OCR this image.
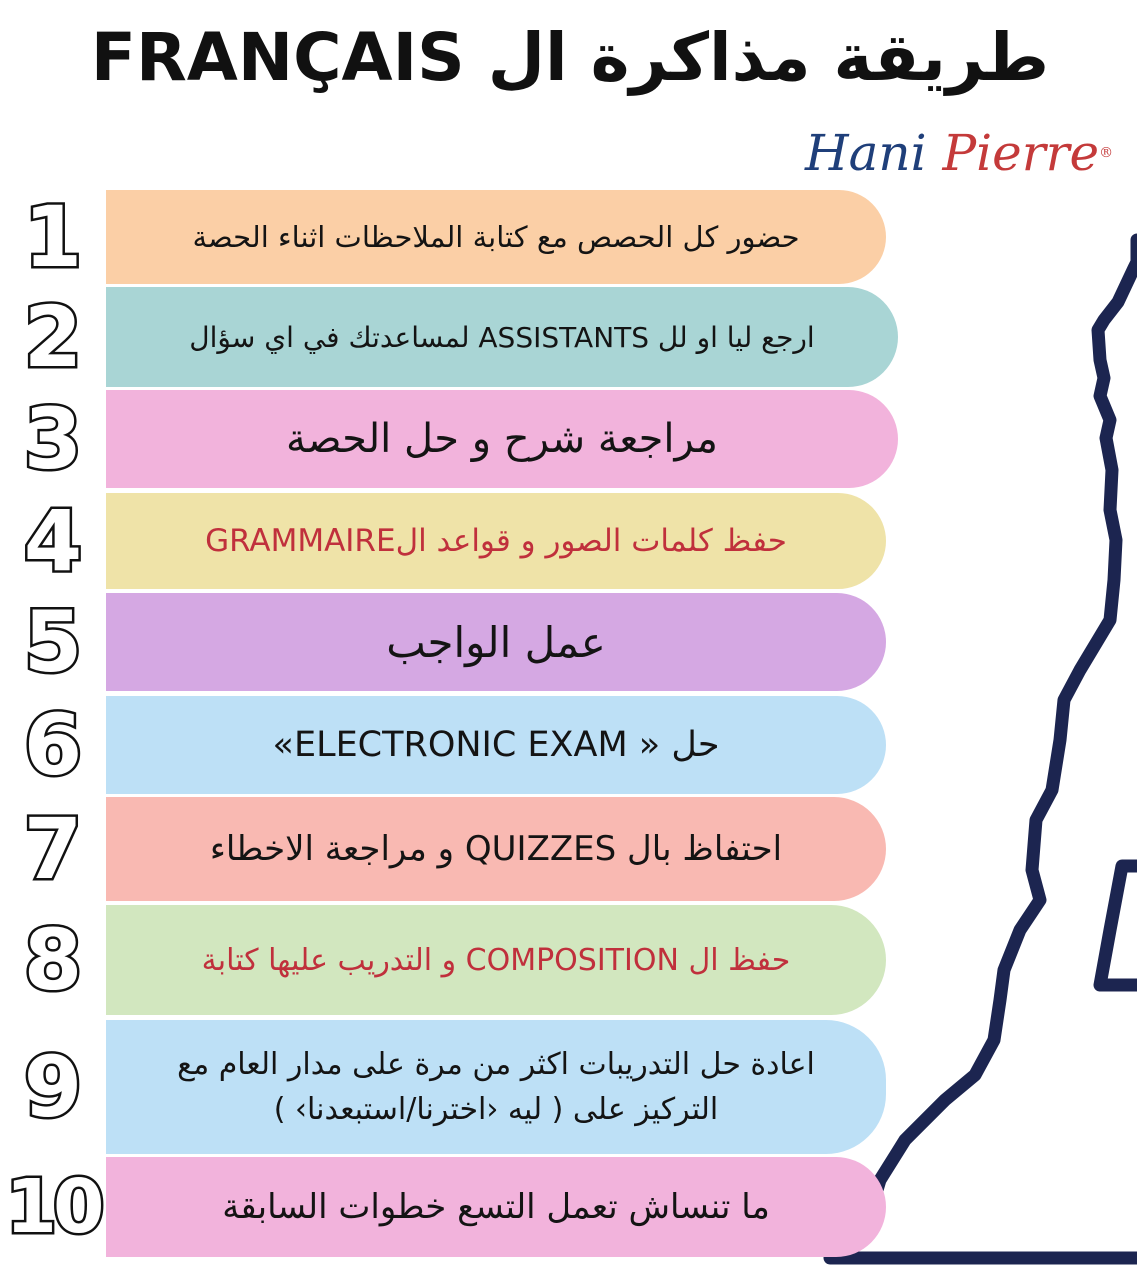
طريقة مذاكرة ال FRANÇAIS
Hani Pierre®
1	حضور كل الحصص مع كتابة الملاحظات اثناء الحصة
2	ارجع ليا او لل ASSISTANTS لمساعدتك في اي سؤال
3	مراجعة شرح و حل الحصة
4	حفظ كلمات الصور و قواعد الGRAMMAIRE
5	عمل الواجب
6	حل « ELECTRONIC EXAM»
7	احتفاظ بال QUIZZES و مراجعة الاخطاء
8	حفظ ال COMPOSITION و التدريب عليها كتابة
9	اعادة حل التدريبات اكثر من مرة على مدار العام مع التركيز على ( ليه ‹اخترنا/استبعدنا› )
10	ما تنساش تعمل التسع خطوات السابقة
